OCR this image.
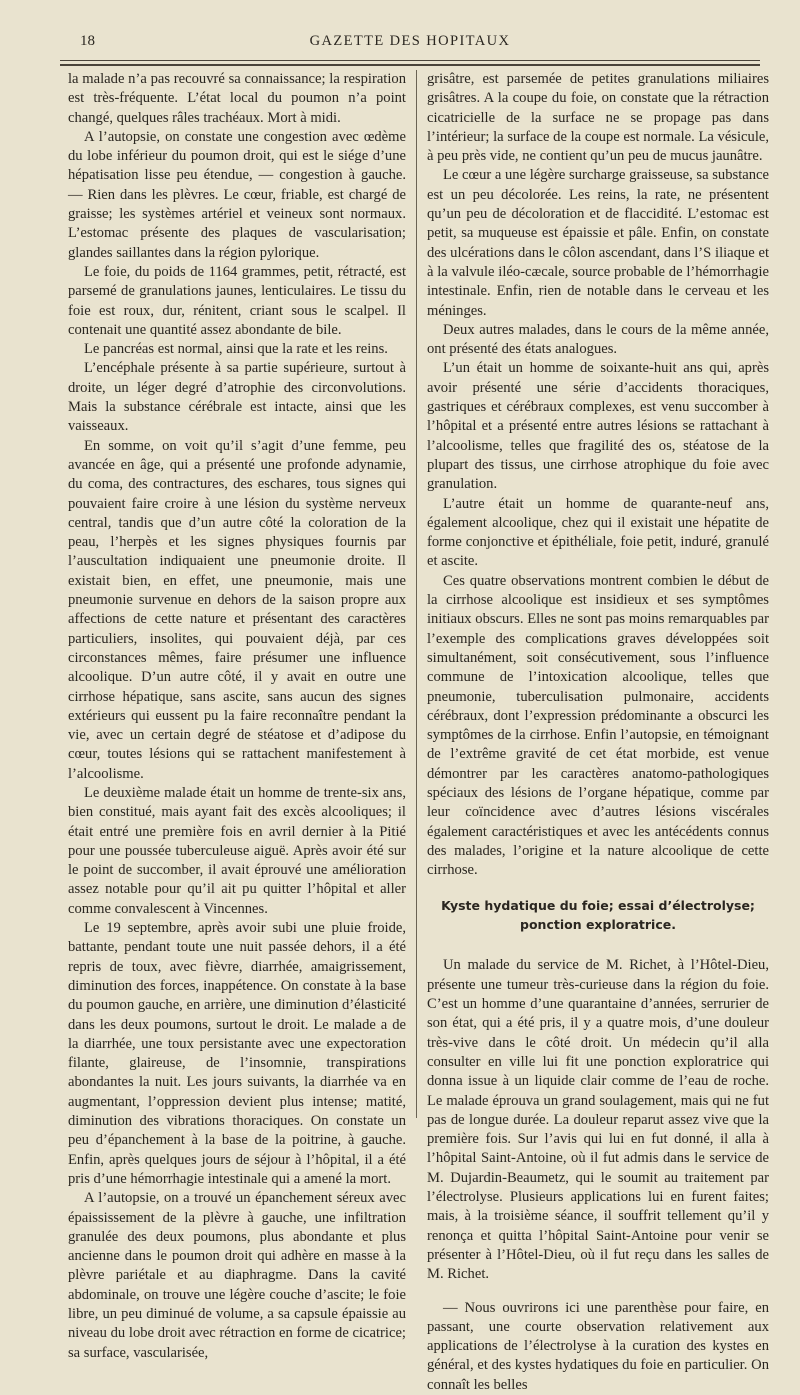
18	GAZETTE DES HOPITAUX

la malade n’a pas recouvré sa connaissance; la respiration est très-fréquente. L’état local du poumon n’a point changé, quelques râles trachéaux. Mort à midi.

A l’autopsie, on constate une congestion avec œdème du lobe inférieur du poumon droit, qui est le siége d’une hépatisation lisse peu étendue, — congestion à gauche. — Rien dans les plèvres. Le cœur, friable, est chargé de graisse; les systèmes artériel et veineux sont normaux. L’estomac présente des plaques de vascularisation; glandes saillantes dans la région pylorique.

Le foie, du poids de 1164 grammes, petit, rétracté, est parsemé de granulations jaunes, lenticulaires. Le tissu du foie est roux, dur, rénitent, criant sous le scalpel. Il contenait une quantité assez abondante de bile.

Le pancréas est normal, ainsi que la rate et les reins.

L’encéphale présente à sa partie supérieure, surtout à droite, un léger degré d’atrophie des circonvolutions. Mais la substance cérébrale est intacte, ainsi que les vaisseaux.

En somme, on voit qu’il s’agit d’une femme, peu avancée en âge, qui a présenté une profonde adynamie, du coma, des contractures, des eschares, tous signes qui pouvaient faire croire à une lésion du système nerveux central, tandis que d’un autre côté la coloration de la peau, l’herpès et les signes physiques fournis par l’auscultation indiquaient une pneumonie droite. Il existait bien, en effet, une pneumonie, mais une pneumonie survenue en dehors de la saison propre aux affections de cette nature et présentant des caractères particuliers, insolites, qui pouvaient déjà, par ces circonstances mêmes, faire présumer une influence alcoolique. D’un autre côté, il y avait en outre une cirrhose hépatique, sans ascite, sans aucun des signes extérieurs qui eussent pu la faire reconnaître pendant la vie, avec un certain degré de stéatose et d’adipose du cœur, toutes lésions qui se rattachent manifestement à l’alcoolisme.

Le deuxième malade était un homme de trente-six ans, bien constitué, mais ayant fait des excès alcooliques; il était entré une première fois en avril dernier à la Pitié pour une poussée tuberculeuse aiguë. Après avoir été sur le point de succomber, il avait éprouvé une amélioration assez notable pour qu’il ait pu quitter l’hôpital et aller comme convalescent à Vincennes.

Le 19 septembre, après avoir subi une pluie froide, battante, pendant toute une nuit passée dehors, il a été repris de toux, avec fièvre, diarrhée, amaigrissement, diminution des forces, inappétence. On constate à la base du poumon gauche, en arrière, une diminution d’élasticité dans les deux poumons, surtout le droit. Le malade a de la diarrhée, une toux persistante avec une expectoration filante, glaireuse, de l’insomnie, transpirations abondantes la nuit. Les jours suivants, la diarrhée va en augmentant, l’oppression devient plus intense; matité, diminution des vibrations thoraciques. On constate un peu d’épanchement à la base de la poitrine, à gauche. Enfin, après quelques jours de séjour à l’hôpital, il a été pris d’une hémorrhagie intestinale qui a amené la mort.

A l’autopsie, on a trouvé un épanchement séreux avec épaississement de la plèvre à gauche, une infiltration granulée des deux poumons, plus abondante et plus ancienne dans le poumon droit qui adhère en masse à la plèvre pariétale et au diaphragme. Dans la cavité abdominale, on trouve une légère couche d’ascite; le foie libre, un peu diminué de volume, a sa capsule épaissie au niveau du lobe droit avec rétraction en forme de cicatrice; sa surface, vascularisée,

grisâtre, est parsemée de petites granulations miliaires grisâtres. A la coupe du foie, on constate que la rétraction cicatricielle de la surface ne se propage pas dans l’intérieur; la surface de la coupe est normale. La vésicule, à peu près vide, ne contient qu’un peu de mucus jaunâtre.

Le cœur a une légère surcharge graisseuse, sa substance est un peu décolorée. Les reins, la rate, ne présentent qu’un peu de décoloration et de flaccidité. L’estomac est petit, sa muqueuse est épaissie et pâle. Enfin, on constate des ulcérations dans le côlon ascendant, dans l’S iliaque et à la valvule iléo-cæcale, source probable de l’hémorrhagie intestinale. Enfin, rien de notable dans le cerveau et les méninges.

Deux autres malades, dans le cours de la même année, ont présenté des états analogues.

L’un était un homme de soixante-huit ans qui, après avoir présenté une série d’accidents thoraciques, gastriques et cérébraux complexes, est venu succomber à l’hôpital et a présenté entre autres lésions se rattachant à l’alcoolisme, telles que fragilité des os, stéatose de la plupart des tissus, une cirrhose atrophique du foie avec granulation.

L’autre était un homme de quarante-neuf ans, également alcoolique, chez qui il existait une hépatite de forme conjonctive et épithéliale, foie petit, induré, granulé et ascite.

Ces quatre observations montrent combien le début de la cirrhose alcoolique est insidieux et ses symptômes initiaux obscurs. Elles ne sont pas moins remarquables par l’exemple des complications graves développées soit simultanément, soit consécutivement, sous l’influence commune de l’intoxication alcoolique, telles que pneumonie, tuberculisation pulmonaire, accidents cérébraux, dont l’expression prédominante a obscurci les symptômes de la cirrhose. Enfin l’autopsie, en témoignant de l’extrême gravité de cet état morbide, est venue démontrer par les caractères anatomo-pathologiques spéciaux des lésions de l’organe hépatique, comme par leur coïncidence avec d’autres lésions viscérales également caractéristiques et avec les antécédents connus des malades, l’origine et la nature alcoolique de cette cirrhose.

Kyste hydatique du foie; essai d’électrolyse; ponction exploratrice.

Un malade du service de M. Richet, à l’Hôtel-Dieu, présente une tumeur très-curieuse dans la région du foie. C’est un homme d’une quarantaine d’années, serrurier de son état, qui a été pris, il y a quatre mois, d’une douleur très-vive dans le côté droit. Un médecin qu’il alla consulter en ville lui fit une ponction exploratrice qui donna issue à un liquide clair comme de l’eau de roche. Le malade éprouva un grand soulagement, mais qui ne fut pas de longue durée. La douleur reparut assez vive que la première fois. Sur l’avis qui lui en fut donné, il alla à l’hôpital Saint-Antoine, où il fut admis dans le service de M. Dujardin-Beaumetz, qui le soumit au traitement par l’électrolyse. Plusieurs applications lui en furent faites; mais, à la troisième séance, il souffrit tellement qu’il y renonça et quitta l’hôpital Saint-Antoine pour venir se présenter à l’Hôtel-Dieu, où il fut reçu dans les salles de M. Richet.

— Nous ouvrirons ici une parenthèse pour faire, en passant, une courte observation relativement aux applications de l’électrolyse à la curation des kystes en général, et des kystes hydatiques du foie en particulier. On connaît les belles
